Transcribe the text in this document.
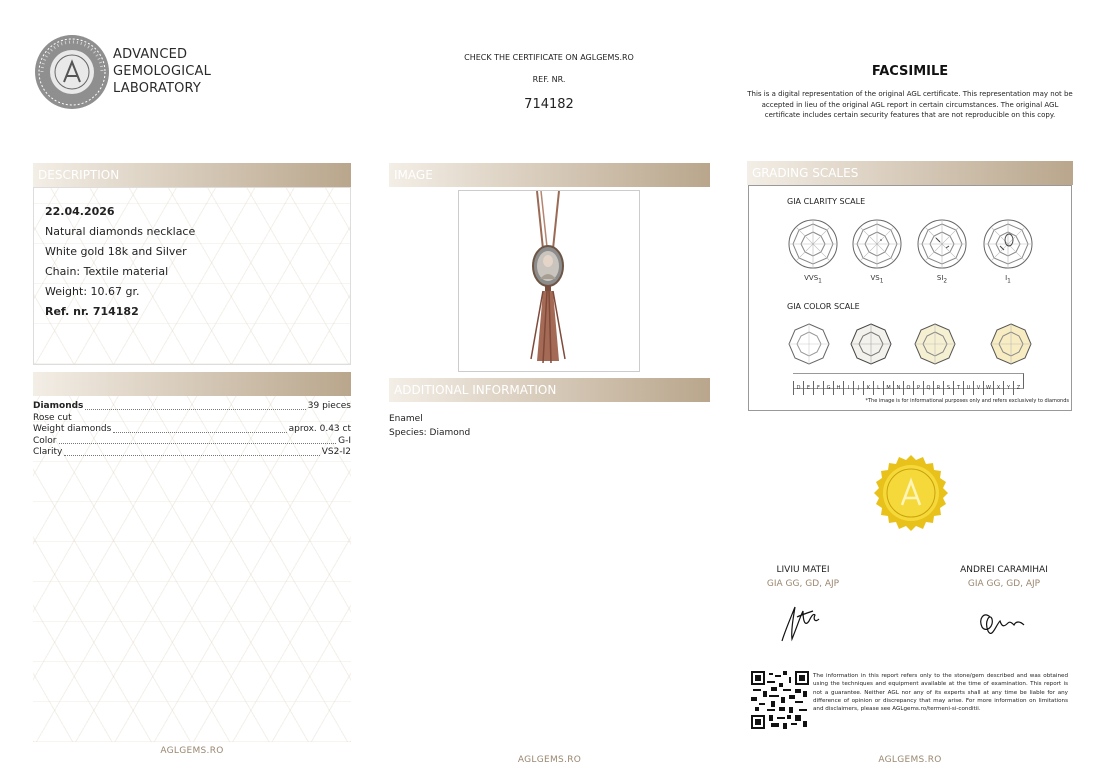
ADVANCED
GEMOLOGICAL
LABORATORY
CHECK THE CERTIFICATE ON AGLGEMS.RO
REF. NR.
714182
FACSIMILE
This is a digital representation of the original AGL certificate. This representation may not be accepted in lieu of the original AGL report in certain circumstances. The original AGL certificate includes certain security features that are not reproducible on this copy.
DESCRIPTION
22.04.2026
Natural diamonds necklace
White gold 18k and Silver
Chain: Textile material
Weight: 10.67 gr.
Ref. nr. 714182
Diamonds	39 pieces
Rose cut
Weight diamonds	aprox. 0.43 ct
Color	G-I
Clarity	VS2-I2
AGLGEMS.RO
IMAGE
ADDITIONAL INFORMATION
Enamel
Species: Diamond
AGLGEMS.RO
GRADING SCALES
GIA CLARITY SCALE
$VVS_1$	$VS_1$	$SI_2$	$I_1$
GIA COLOR SCALE
D E F G H I J K L M N O P Q R S T U V W X Y Z
*The image is for informational purposes only and refers exclusively to diamonds
LIVIU MATEI
GIA GG, GD, AJP
ANDREI CARAMIHAI
GIA GG, GD, AJP
The information in this report refers only to the stone/gem described and was obtained using the techniques and equipment available at the time of examination. This report is not a guarantee. Neither AGL nor any of its experts shall at any time be liable for any difference of opinion or discrepancy that may arise. For more information on limitations and disclaimers, please see AGLgems.ro/termeni-si-conditii.
AGLGEMS.RO
